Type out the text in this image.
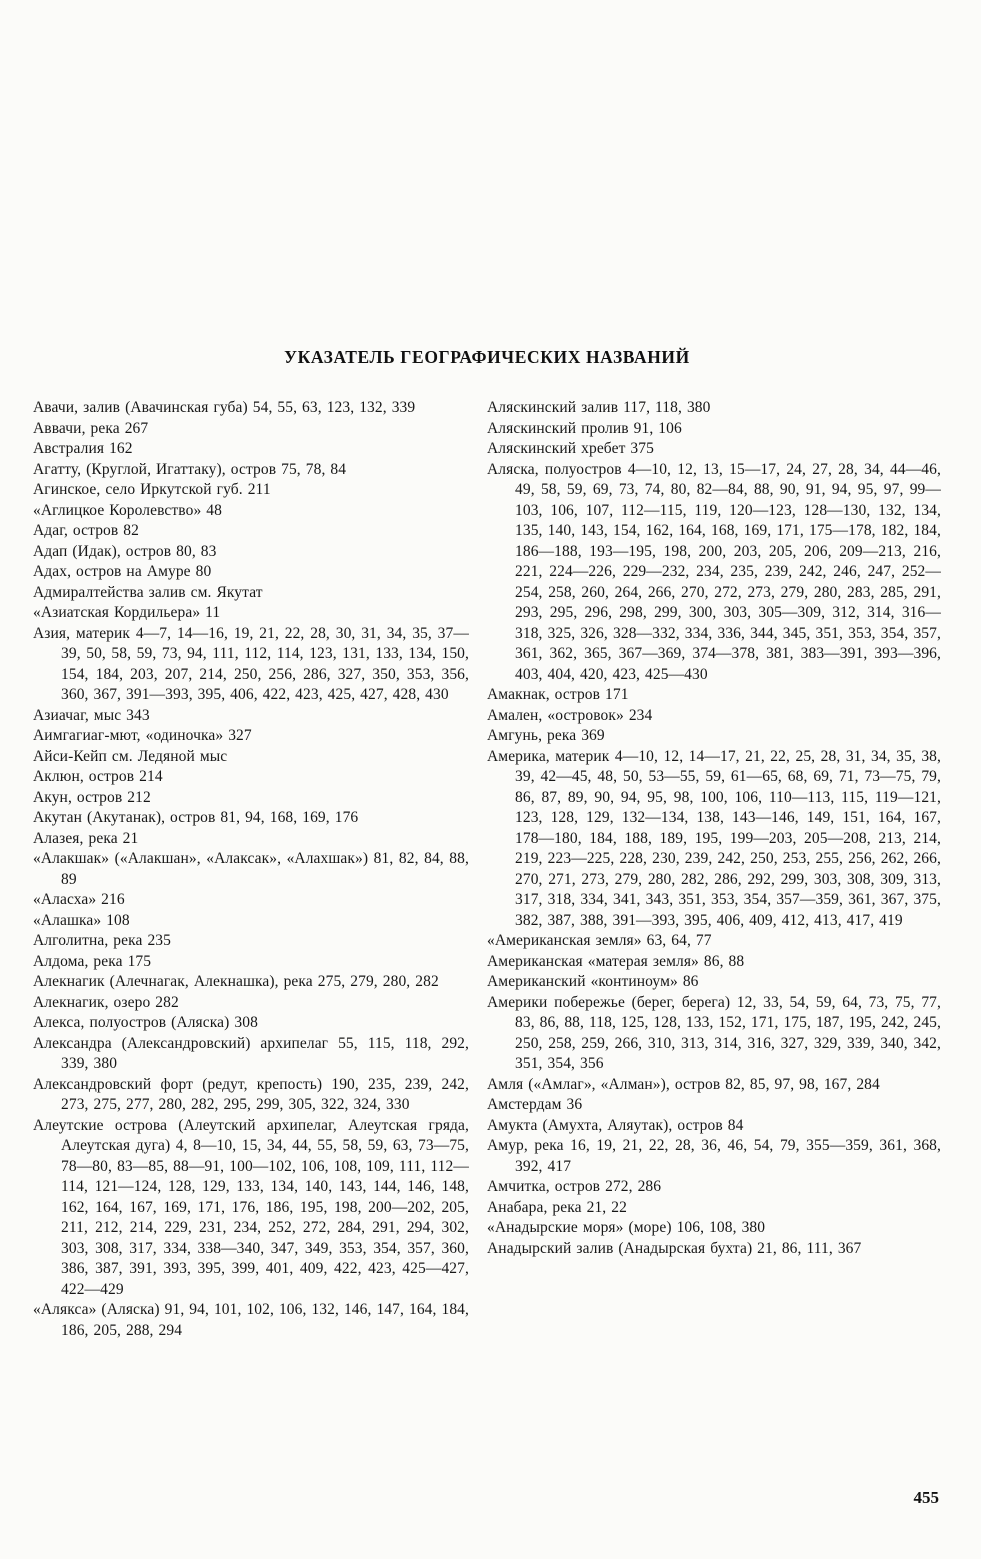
УКАЗАТЕЛЬ ГЕОГРАФИЧЕСКИХ НАЗВАНИЙ

Авачи, залив (Авачинская губа) 54, 55, 63, 123, 132, 339

Аввачи, река 267

Австралия 162

Агатту, (Круглой, Игаттаку), остров 75, 78, 84

Агинское, село Иркутской губ. 211

«Аглицкое Королевство» 48

Адаг, остров 82

Адап (Идак), остров 80, 83

Адах, остров на Амуре 80

Адмиралтейства залив см. Якутат

«Азиатская Кордильера» 11

Азия, материк 4—7, 14—16, 19, 21, 22, 28, 30, 31, 34, 35, 37—39, 50, 58, 59, 73, 94, 111, 112, 114, 123, 131, 133, 134, 150, 154, 184, 203, 207, 214, 250, 256, 286, 327, 350, 353, 356, 360, 367, 391—393, 395, 406, 422, 423, 425, 427, 428, 430

Азиачаг, мыс 343

Аимгагиаг-мют, «одиночка» 327

Айси-Кейп см. Ледяной мыс

Аклюн, остров 214

Акун, остров 212

Акутан (Акутанак), остров 81, 94, 168, 169, 176

Алазея, река 21

«Алакшак» («Алакшан», «Алаксак», «Алахшак») 81, 82, 84, 88, 89

«Аласха» 216

«Алашка» 108

Алголитна, река 235

Алдома, река 175

Алекнагик (Алечнагак, Алекнашка), река 275, 279, 280, 282

Алекнагик, озеро 282

Алекса, полуостров (Аляска) 308

Александра (Александровский) архипелаг 55, 115, 118, 292, 339, 380

Александровский форт (редут, крепость) 190, 235, 239, 242, 273, 275, 277, 280, 282, 295, 299, 305, 322, 324, 330

Алеутские острова (Алеутский архипелаг, Алеутская гряда, Алеутская дуга) 4, 8—10, 15, 34, 44, 55, 58, 59, 63, 73—75, 78—80, 83—85, 88—91, 100—102, 106, 108, 109, 111, 112—114, 121—124, 128, 129, 133, 134, 140, 143, 144, 146, 148, 162, 164, 167, 169, 171, 176, 186, 195, 198, 200—202, 205, 211, 212, 214, 229, 231, 234, 252, 272, 284, 291, 294, 302, 303, 308, 317, 334, 338—340, 347, 349, 353, 354, 357, 360, 386, 387, 391, 393, 395, 399, 401, 409, 422, 423, 425—427, 422—429

«Алякса» (Аляска) 91, 94, 101, 102, 106, 132, 146, 147, 164, 184, 186, 205, 288, 294

Аляскинский залив 117, 118, 380

Аляскинский пролив 91, 106

Аляскинский хребет 375

Аляска, полуостров 4—10, 12, 13, 15—17, 24, 27, 28, 34, 44—46, 49, 58, 59, 69, 73, 74, 80, 82—84, 88, 90, 91, 94, 95, 97, 99—103, 106, 107, 112—115, 119, 120—123, 128—130, 132, 134, 135, 140, 143, 154, 162, 164, 168, 169, 171, 175—178, 182, 184, 186—188, 193—195, 198, 200, 203, 205, 206, 209—213, 216, 221, 224—226, 229—232, 234, 235, 239, 242, 246, 247, 252—254, 258, 260, 264, 266, 270, 272, 273, 279, 280, 283, 285, 291, 293, 295, 296, 298, 299, 300, 303, 305—309, 312, 314, 316—318, 325, 326, 328—332, 334, 336, 344, 345, 351, 353, 354, 357, 361, 362, 365, 367—369, 374—378, 381, 383—391, 393—396, 403, 404, 420, 423, 425—430

Амакнак, остров 171

Амален, «островок» 234

Амгунь, река 369

Америка, материк 4—10, 12, 14—17, 21, 22, 25, 28, 31, 34, 35, 38, 39, 42—45, 48, 50, 53—55, 59, 61—65, 68, 69, 71, 73—75, 79, 86, 87, 89, 90, 94, 95, 98, 100, 106, 110—113, 115, 119—121, 123, 128, 129, 132—134, 138, 143—146, 149, 151, 164, 167, 178—180, 184, 188, 189, 195, 199—203, 205—208, 213, 214, 219, 223—225, 228, 230, 239, 242, 250, 253, 255, 256, 262, 266, 270, 271, 273, 279, 280, 282, 286, 292, 299, 303, 308, 309, 313, 317, 318, 334, 341, 343, 351, 353, 354, 357—359, 361, 367, 375, 382, 387, 388, 391—393, 395, 406, 409, 412, 413, 417, 419

«Американская земля» 63, 64, 77

Американская «матерая земля» 86, 88

Американский «континоум» 86

Америки побережье (берег, берега) 12, 33, 54, 59, 64, 73, 75, 77, 83, 86, 88, 118, 125, 128, 133, 152, 171, 175, 187, 195, 242, 245, 250, 258, 259, 266, 310, 313, 314, 316, 327, 329, 339, 340, 342, 351, 354, 356

Амля («Амлаг», «Алман»), остров 82, 85, 97, 98, 167, 284

Амстердам 36

Амукта (Амухта, Аляутак), остров 84

Амур, река 16, 19, 21, 22, 28, 36, 46, 54, 79, 355—359, 361, 368, 392, 417

Амчитка, остров 272, 286

Анабара, река 21, 22

«Анадырские моря» (море) 106, 108, 380

Анадырский залив (Анадырская бухта) 21, 86, 111, 367

455
